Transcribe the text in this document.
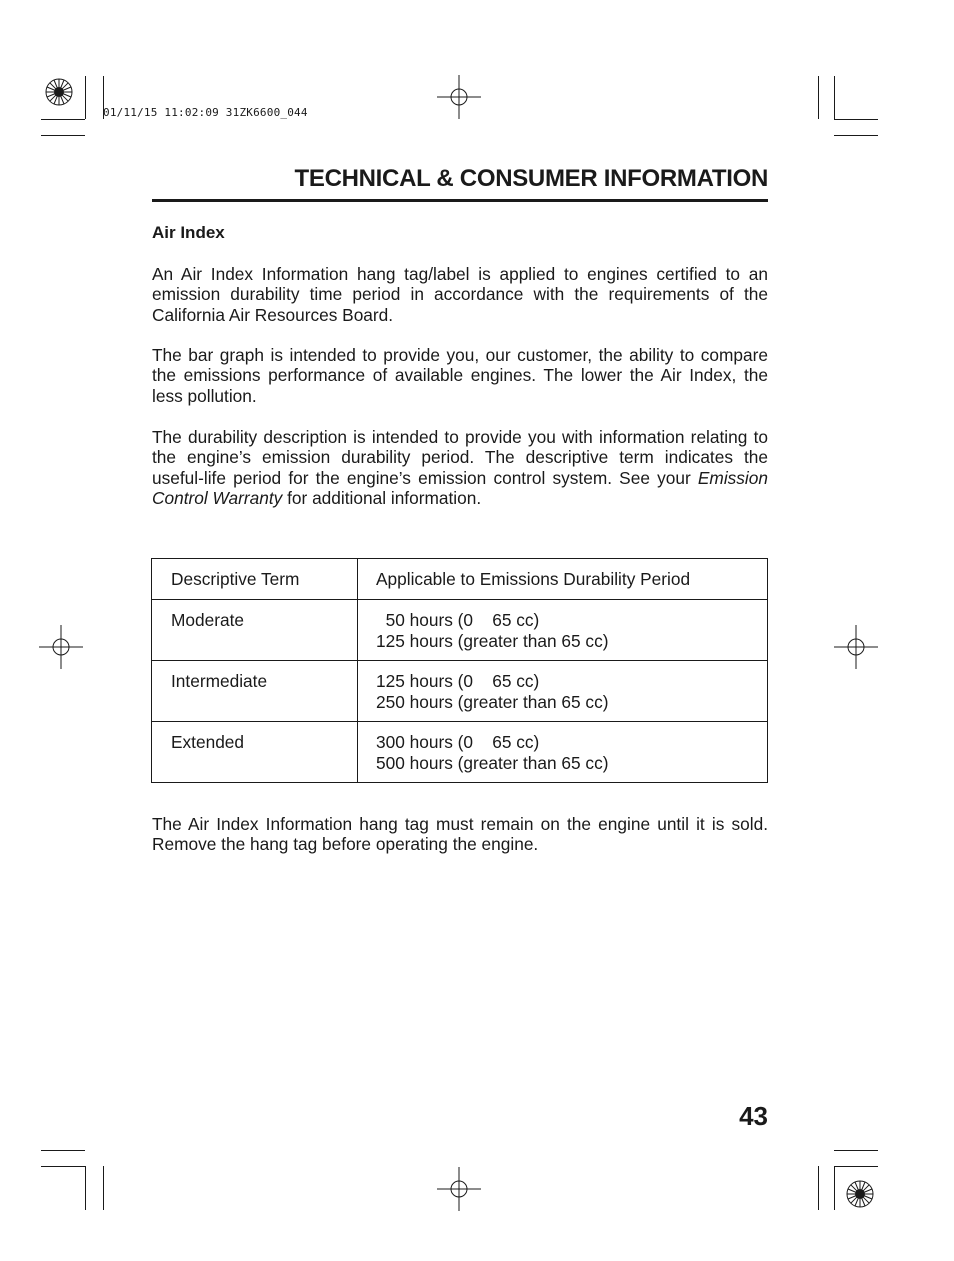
01/11/15 11:02:09 31ZK6600_044
TECHNICAL & CONSUMER INFORMATION
Air Index

An Air Index Information hang tag/label is applied to engines certified to an emission durability time period in accordance with the requirements of the California Air Resources Board.

The bar graph is intended to provide you, our customer, the ability to compare the emissions performance of available engines. The lower the Air Index, the less pollution.

The durability description is intended to provide you with information relating to the engine’s emission durability period. The descriptive term indicates the useful-life period for the engine’s emission control system. See your Emission Control Warranty for additional information.

Descriptive Term	Applicable to Emissions Durability Period
Moderate	50 hours (0    65 cc)
125 hours (greater than 65 cc)

Intermediate	125 hours (0    65 cc)
250 hours (greater than 65 cc)

Extended	300 hours (0    65 cc)
500 hours (greater than 65 cc)

The Air Index Information hang tag must remain on the engine until it is sold. Remove the hang tag before operating the engine.

43
